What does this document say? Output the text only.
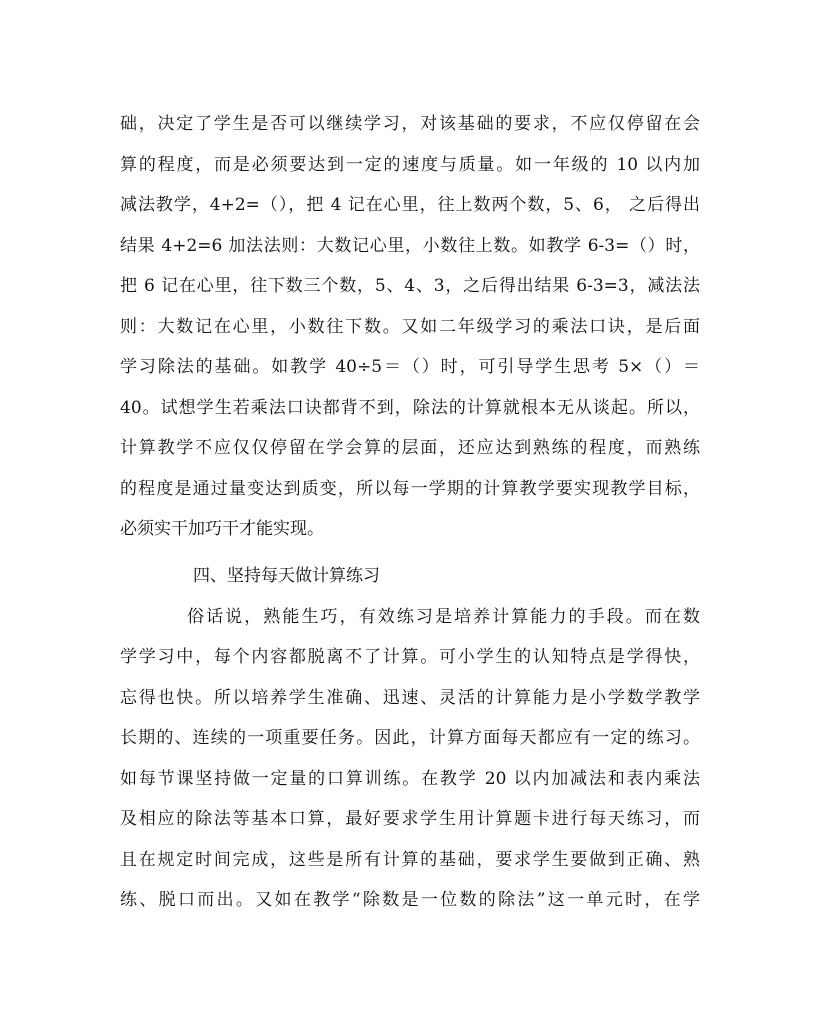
础，决定了学生是否可以继续学习，对该基础的要求，不应仅停留在会
算的程度，而是必须要达到一定的速度与质量。如一年级的 10 以内加
减法教学，4+2=（），把 4 记在心里，往上数两个数，5、6， 之后得出
结果 4+2=6 加法法则：大数记心里，小数往上数。如教学 6-3=（）时，
把 6 记在心里，往下数三个数，5、4、3，之后得出结果 6-3=3，减法法
则：大数记在心里，小数往下数。又如二年级学习的乘法口诀，是后面
学习除法的基础。如教学 40÷5＝（）时，可引导学生思考 5×（）＝
40。试想学生若乘法口诀都背不到，除法的计算就根本无从谈起。所以，
计算教学不应仅仅停留在学会算的层面，还应达到熟练的程度，而熟练
的程度是通过量变达到质变，所以每一学期的计算教学要实现教学目标，
必须实干加巧干才能实现。
四、坚持每天做计算练习
俗话说，熟能生巧，有效练习是培养计算能力的手段。而在数
学学习中，每个内容都脱离不了计算。可小学生的认知特点是学得快，
忘得也快。所以培养学生准确、迅速、灵活的计算能力是小学数学教学
长期的、连续的一项重要任务。因此，计算方面每天都应有一定的练习。
如每节课坚持做一定量的口算训练。在教学 20 以内加减法和表内乘法
及相应的除法等基本口算，最好要求学生用计算题卡进行每天练习，而
且在规定时间完成，这些是所有计算的基础，要求学生要做到正确、熟
练、脱口而出。又如在教学“除数是一位数的除法”这一单元时，在学
